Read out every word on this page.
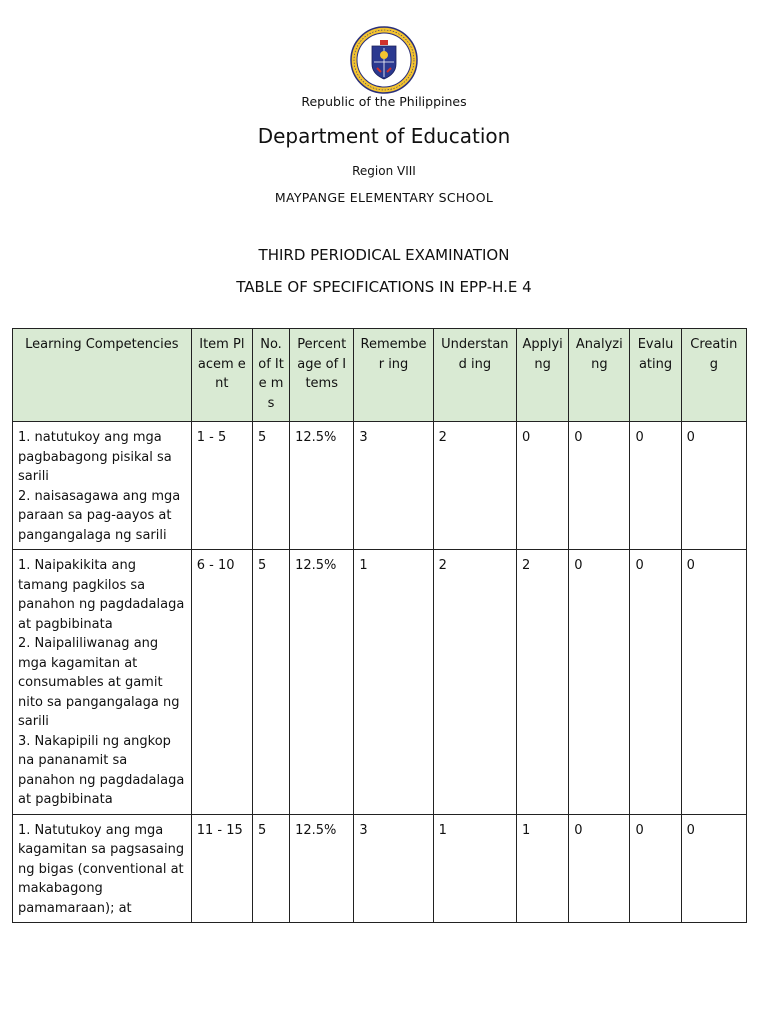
Republic of the Philippines
Department of Education
Region VIII
MAYPANGE ELEMENTARY SCHOOL
THIRD PERIODICAL EXAMINATION
TABLE OF SPECIFICATIONS IN EPP-H.E 4
Learning Competencies	Item Placem ent	No. of Ite ms	Percent age of Items	Remember ing	Understand ing	Applyi ng	Analyzi ng	Evalu ating	Creating
1. natutukoy ang mga pagbabagong pisikal sa sarili
2. naisasagawa ang mga paraan sa pag-aayos at pangangalaga ng sarili	1 - 5	5	12.5%	3	2	0	0	0	0
1. Naipakikita ang tamang pagkilos sa panahon ng pagdadalaga at pagbibinata
2. Naipaliliwanag ang mga kagamitan at consumables at gamit nito sa pangangalaga ng sarili
3. Nakapipili ng angkop na pananamit sa panahon ng pagdadalaga at pagbibinata	6 - 10	5	12.5%	1	2	2	0	0	0
1. Natutukoy ang mga kagamitan sa pagsasaing ng bigas (conventional at makabagong pamamaraan); at	11 - 15	5	12.5%	3	1	1	0	0	0
